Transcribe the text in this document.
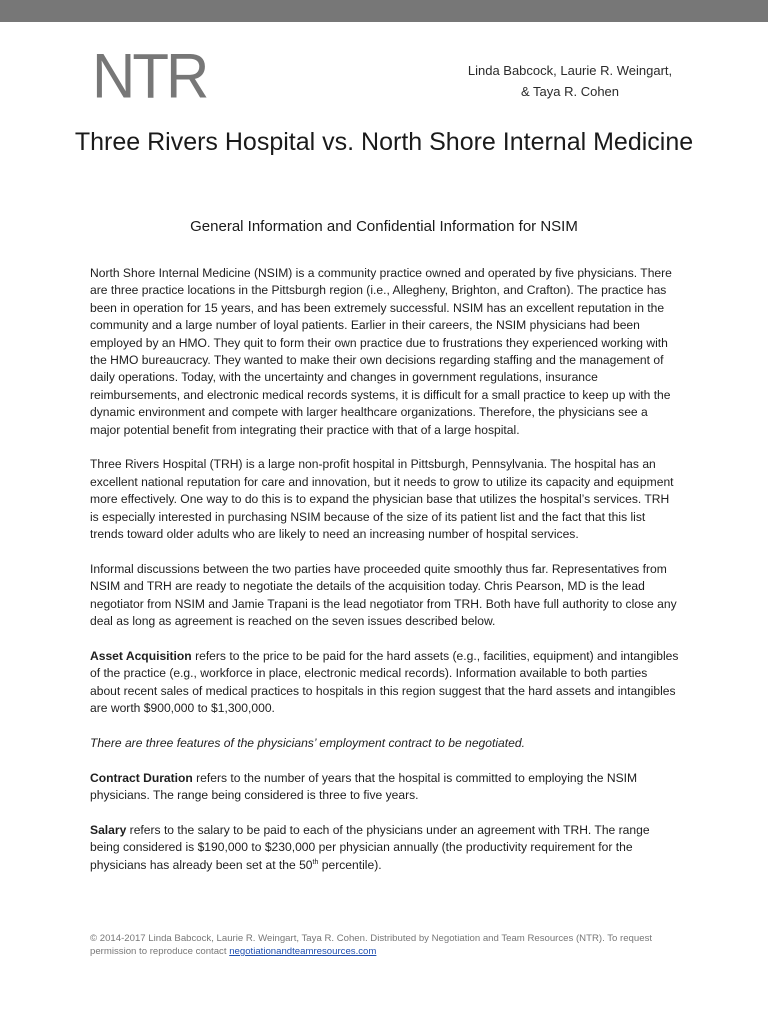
NTR	Linda Babcock, Laurie R. Weingart,
& Taya R. Cohen
Three Rivers Hospital vs. North Shore Internal Medicine
General Information and Confidential Information for NSIM

North Shore Internal Medicine (NSIM) is a community practice owned and operated by five physicians. There are three practice locations in the Pittsburgh region (i.e., Allegheny, Brighton, and Crafton). The practice has been in operation for 15 years, and has been extremely successful. NSIM has an excellent reputation in the community and a large number of loyal patients. Earlier in their careers, the NSIM physicians had been employed by an HMO. They quit to form their own practice due to frustrations they experienced working with the HMO bureaucracy. They wanted to make their own decisions regarding staffing and the management of daily operations. Today, with the uncertainty and changes in government regulations, insurance reimbursements, and electronic medical records systems, it is difficult for a small practice to keep up with the dynamic environment and compete with larger healthcare organizations. Therefore, the physicians see a major potential benefit from integrating their practice with that of a large hospital.

Three Rivers Hospital (TRH) is a large non-profit hospital in Pittsburgh, Pennsylvania. The hospital has an excellent national reputation for care and innovation, but it needs to grow to utilize its capacity and equipment more effectively. One way to do this is to expand the physician base that utilizes the hospital’s services. TRH is especially interested in purchasing NSIM because of the size of its patient list and the fact that this list trends toward older adults who are likely to need an increasing number of hospital services.

Informal discussions between the two parties have proceeded quite smoothly thus far. Representatives from NSIM and TRH are ready to negotiate the details of the acquisition today. Chris Pearson, MD is the lead negotiator from NSIM and Jamie Trapani is the lead negotiator from TRH. Both have full authority to close any deal as long as agreement is reached on the seven issues described below.

Asset Acquisition refers to the price to be paid for the hard assets (e.g., facilities, equipment) and intangibles of the practice (e.g., workforce in place, electronic medical records). Information available to both parties about recent sales of medical practices to hospitals in this region suggest that the hard assets and intangibles are worth $900,000 to $1,300,000.

There are three features of the physicians’ employment contract to be negotiated.

Contract Duration refers to the number of years that the hospital is committed to employing the NSIM physicians. The range being considered is three to five years.

Salary refers to the salary to be paid to each of the physicians under an agreement with TRH. The range being considered is $190,000 to $230,000 per physician annually (the productivity requirement for the physicians has already been set at the 50th percentile).

© 2014-2017 Linda Babcock, Laurie R. Weingart, Taya R. Cohen. Distributed by Negotiation and Team Resources (NTR). To request permission to reproduce contact negotiationandteamresources.com
